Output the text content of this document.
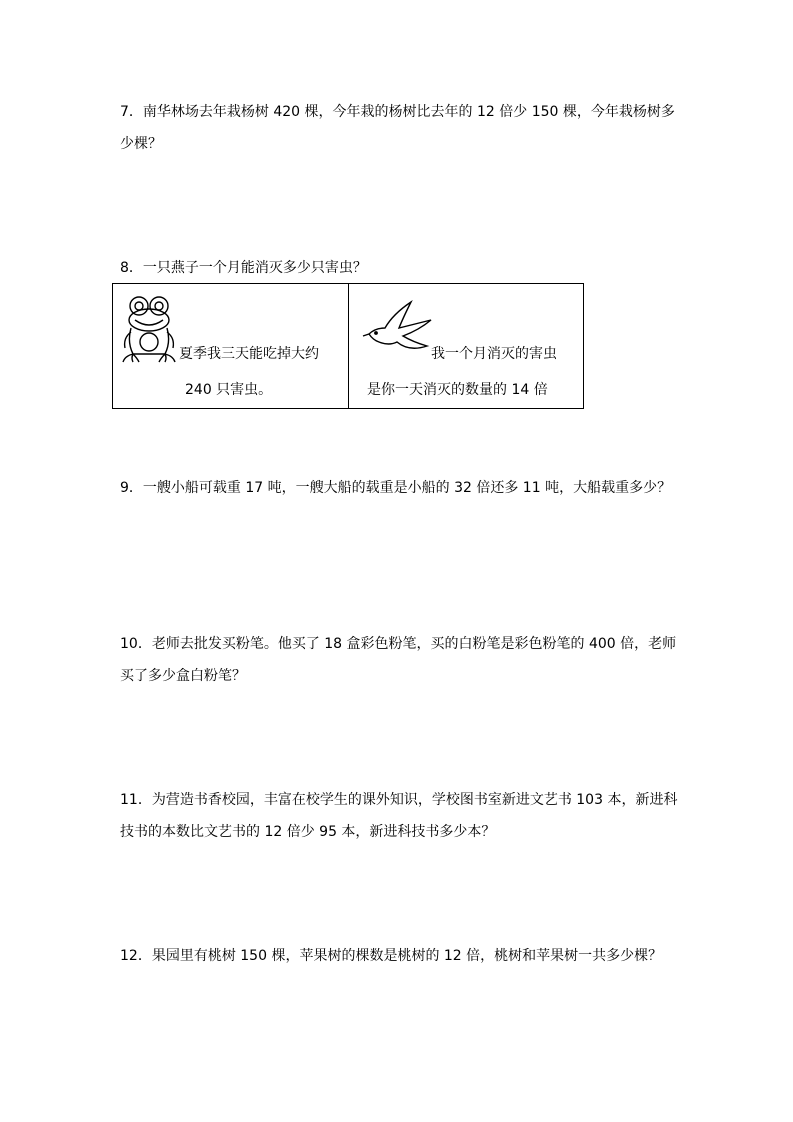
7．南华林场去年栽杨树 420 棵，今年栽的杨树比去年的 12 倍少 150 棵，今年栽杨树多少棵？
8．一只燕子一个月能消灭多少只害虫？
夏季我三天能吃掉大约
240 只害虫。
我一个月消灭的害虫
是你一天消灭的数量的 14 倍
9．一艘小船可载重 17 吨，一艘大船的载重是小船的 32 倍还多 11 吨，大船载重多少？
10．老师去批发买粉笔。他买了 18 盒彩色粉笔，买的白粉笔是彩色粉笔的 400 倍，老师买了多少盒白粉笔？
11．为营造书香校园，丰富在校学生的课外知识，学校图书室新进文艺书 103 本，新进科技书的本数比文艺书的 12 倍少 95 本，新进科技书多少本？
12．果园里有桃树 150 棵，苹果树的棵数是桃树的 12 倍，桃树和苹果树一共多少棵？
